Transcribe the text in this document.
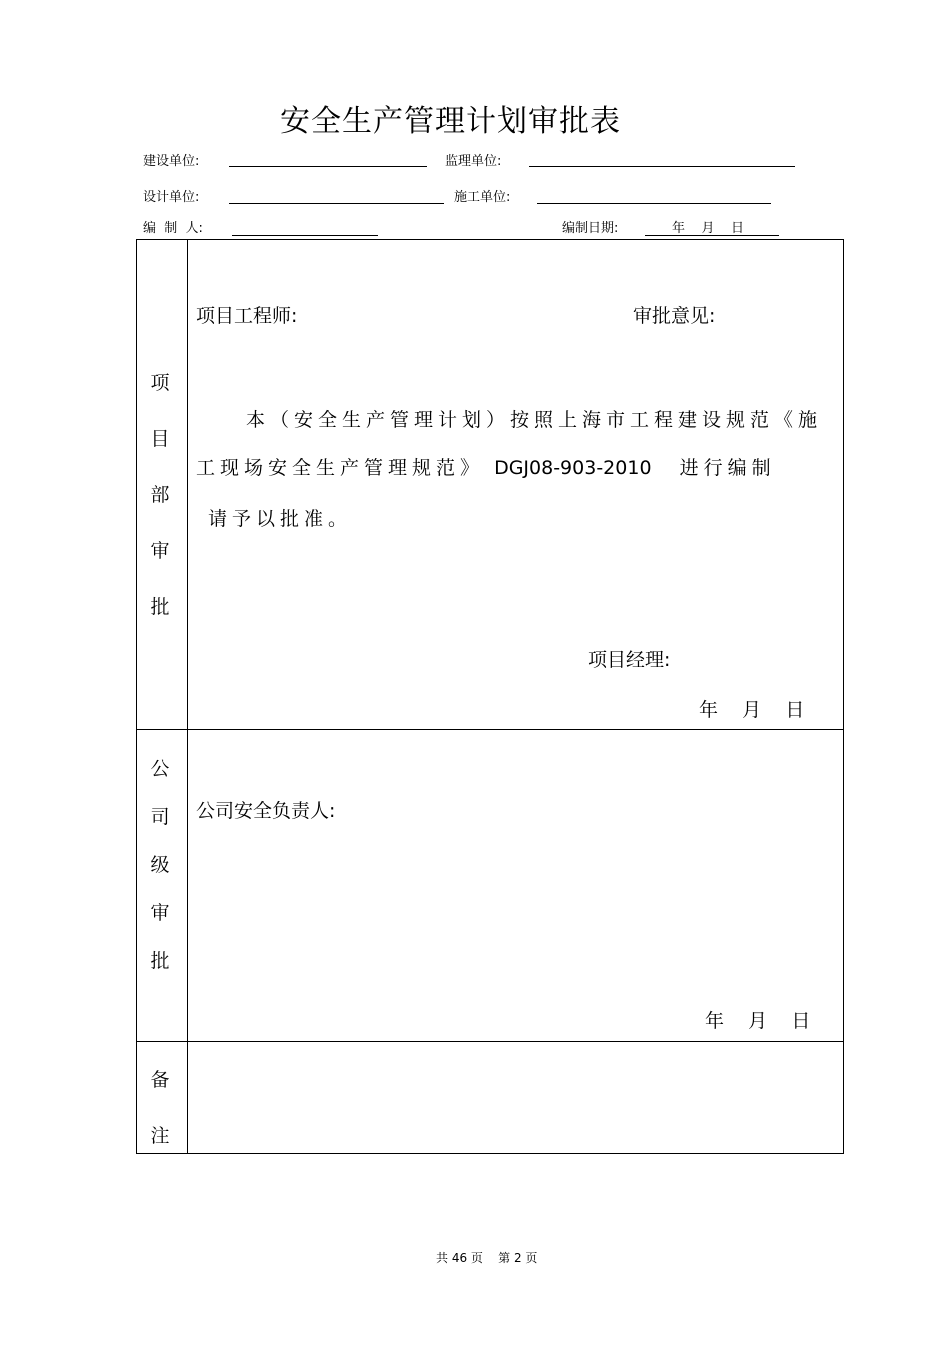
安全生产管理计划审批表
建设单位:	监理单位:
设计单位:	施工单位:
编  制  人:	编制日期:	年    月    日
项
目
部
审
批
项目工程师:	审批意见:
本（安全生产管理计划）按照上海市工程建设规范《施
工现场安全生产管理规范》 DGJ08-903-2010 进行编制
请予以批准。
项目经理:
年    月    日
公
司
级
审
批
公司安全负责人:
年    月    日
备
注
共 46 页    第 2 页
